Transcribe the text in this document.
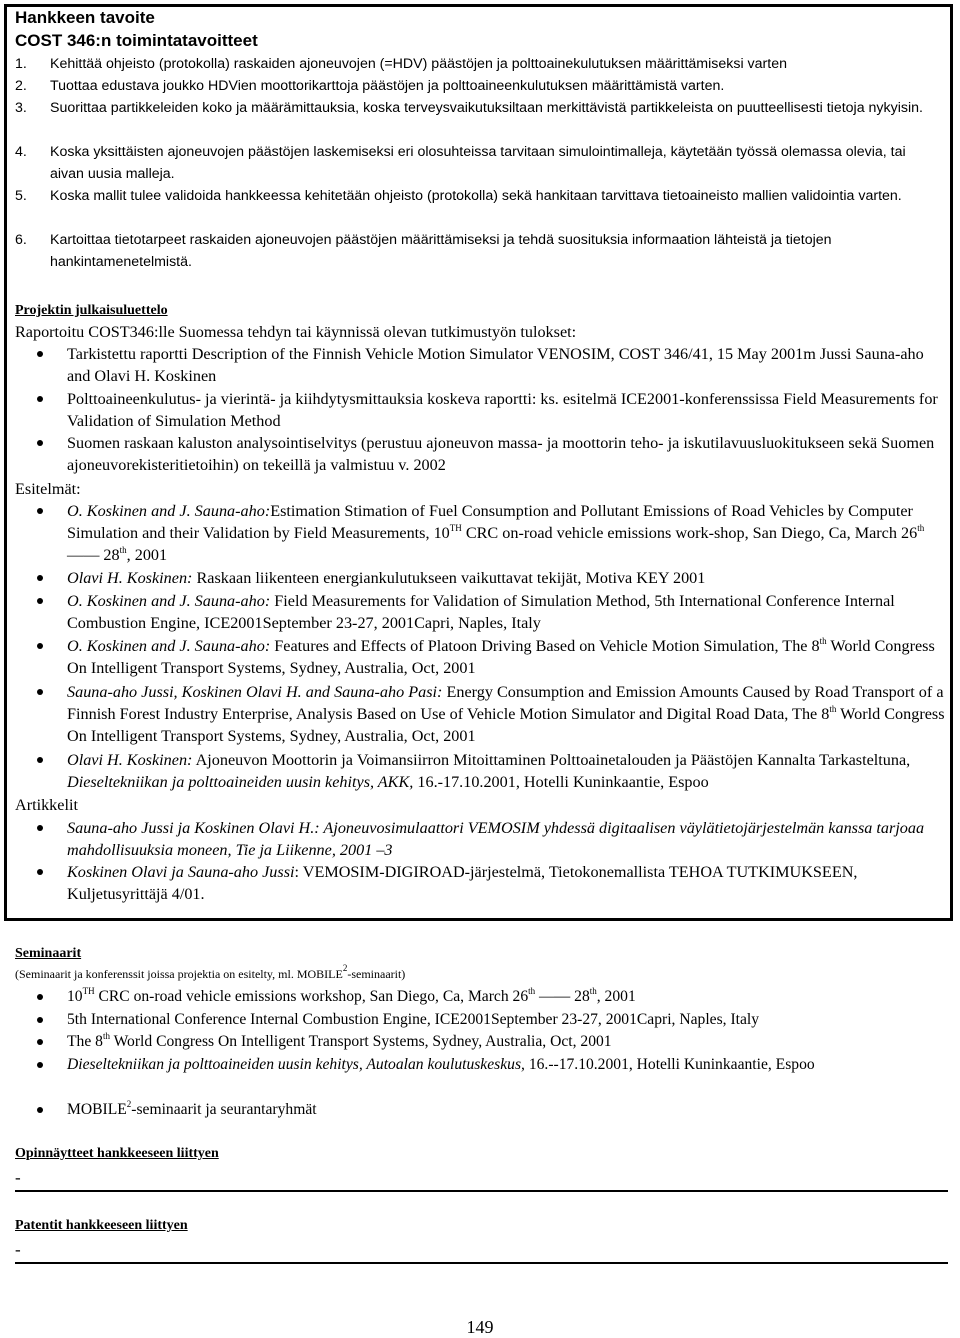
Hankkeen tavoite
COST 346:n toimintatavoitteet
1. Kehittää ohjeisto (protokolla) raskaiden ajoneuvojen (=HDV) päästöjen ja polttoainekulutuksen määrittämiseksi varten
2. Tuottaa edustava joukko HDVien moottorikarttoja päästöjen ja polttoaineenkulutuksen määrittämistä varten.
3. Suorittaa partikkeleiden koko ja määrämittauksia, koska terveysvaikutuksiltaan merkittävistä partikkeleista on puutteellisesti tietoja nykyisin.
4. Koska yksittäisten ajoneuvojen päästöjen laskemiseksi eri olosuhteissa tarvitaan simulointimalleja, käytetään työssä olemassa olevia, tai aivan uusia malleja.
5. Koska mallit tulee validoida hankkeessa kehitetään ohjeisto (protokolla) sekä hankitaan tarvittava tietoaineisto mallien validointia varten.
6. Kartoittaa tietotarpeet raskaiden ajoneuvojen päästöjen määrittämiseksi ja tehdä suosituksia informaation lähteistä ja tietojen hankintamenetelmistä.
Projektin julkaisuluettelo
Raportoitu COST346:lle Suomessa tehdyn tai käynnissä olevan tutkimustyön tulokset:
Tarkistettu raportti Description of the Finnish Vehicle Motion Simulator VENOSIM, COST 346/41, 15 May 2001m Jussi Sauna-aho and Olavi H. Koskinen
Polttoaineenkulutus- ja vierintä- ja kiihdytysmittauksia koskeva raportti: ks. esitelmä ICE2001-konferenssissa Field Measurements for Validation of Simulation Method
Suomen raskaan kaluston analysointiselvitys (perustuu ajoneuvon massa- ja moottorin teho- ja iskutilavuusluokitukseen sekä Suomen ajoneuvorekisteritietoihin) on tekeillä ja valmistuu v. 2002
Esitelmät:
O. Koskinen and J. Sauna-aho:Estimation Stimation of Fuel Consumption and Pollutant Emissions of Road Vehicles by Computer Simulation and their Validation by Field Measurements, 10TH CRC on-road vehicle emissions work-shop, San Diego, Ca, March 26th —— 28th, 2001
Olavi H. Koskinen: Raskaan liikenteen energiankulutukseen vaikuttavat tekijät, Motiva KEY 2001
O. Koskinen and J. Sauna-aho: Field Measurements for Validation of Simulation Method, 5th International Conference Internal Combustion Engine, ICE2001September 23-27, 2001Capri, Naples, Italy
O. Koskinen and J. Sauna-aho: Features and Effects of Platoon Driving Based on Vehicle Motion Simulation, The 8th World Congress On Intelligent Transport Systems, Sydney, Australia, Oct, 2001
Sauna-aho Jussi, Koskinen Olavi H. and Sauna-aho Pasi: Energy Consumption and Emission Amounts Caused by Road Transport of a Finnish Forest Industry Enterprise, Analysis Based on Use of Vehicle Motion Simulator and Digital Road Data, The 8th World Congress On Intelligent Transport Systems, Sydney, Australia, Oct, 2001
Olavi H. Koskinen: Ajoneuvon Moottorin ja Voimansiirron Mitoittaminen Polttoainetalouden ja Päästöjen Kannalta Tarkasteltuna, Dieseltekniikan ja polttoaineiden uusin kehitys, AKK, 16.-17.10.2001, Hotelli Kuninkaantie, Espoo
Artikkelit
Sauna-aho Jussi ja Koskinen Olavi H.: Ajoneuvosimulaattori VEMOSIM yhdessä digitaalisen väylätietojärjestelmän kanssa tarjoaa mahdollisuuksia moneen, Tie ja Liikenne, 2001 –3
Koskinen Olavi ja Sauna-aho Jussi: VEMOSIM-DIGIROAD-järjestelmä, Tietokonemallista TEHOA TUTKIMUKSEEN, Kuljetusyrittäjä 4/01.
Seminaarit
(Seminaarit ja konferenssit joissa projektia on esitelty, ml. MOBILE$^2$-seminaarit)
10TH CRC on-road vehicle emissions workshop, San Diego, Ca, March 26th —— 28th, 2001
5th International Conference Internal Combustion Engine, ICE2001September 23-27, 2001Capri, Naples, Italy
The 8th World Congress On Intelligent Transport Systems, Sydney, Australia, Oct, 2001
Dieseltekniikan ja polttoaineiden uusin kehitys, Autoalan koulutuskeskus, 16.--17.10.2001, Hotelli Kuninkaantie, Espoo
MOBILE$^2$-seminaarit ja seurantaryhmät
Opinnäytteet hankkeeseen liittyen
-
Patentit hankkeeseen liittyen
-
149
